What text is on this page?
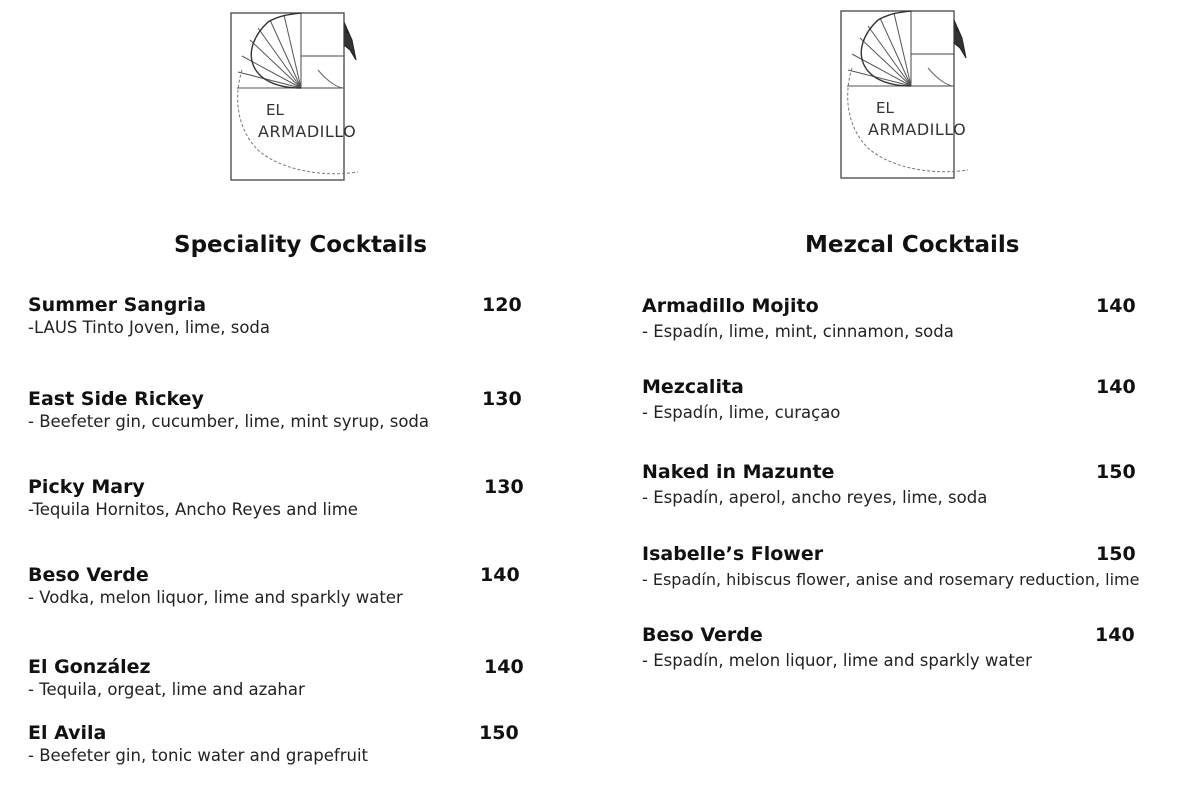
EL
ARMADILLO
EL
ARMADILLO
Speciality Cocktails	Mezcal Cocktails
Summer Sangria	120
-LAUS Tinto Joven, lime, soda
East Side Rickey	130
- Beefeter gin, cucumber, lime, mint syrup, soda
Picky Mary	130
-Tequila Hornitos, Ancho Reyes and lime
Beso Verde	140
- Vodka, melon liquor, lime and sparkly water
El González	140
- Tequila, orgeat, lime and azahar
El Avila	150
- Beefeter gin, tonic water and grapefruit
Armadillo Mojito	140
- Espadín, lime, mint, cinnamon, soda
Mezcalita	140
- Espadín, lime, curaçao
Naked in Mazunte	150
- Espadín, aperol, ancho reyes, lime, soda
Isabelle’s Flower	150
- Espadín, hibiscus flower, anise and rosemary reduction, lime
Beso Verde	140
- Espadín, melon liquor, lime and sparkly water
